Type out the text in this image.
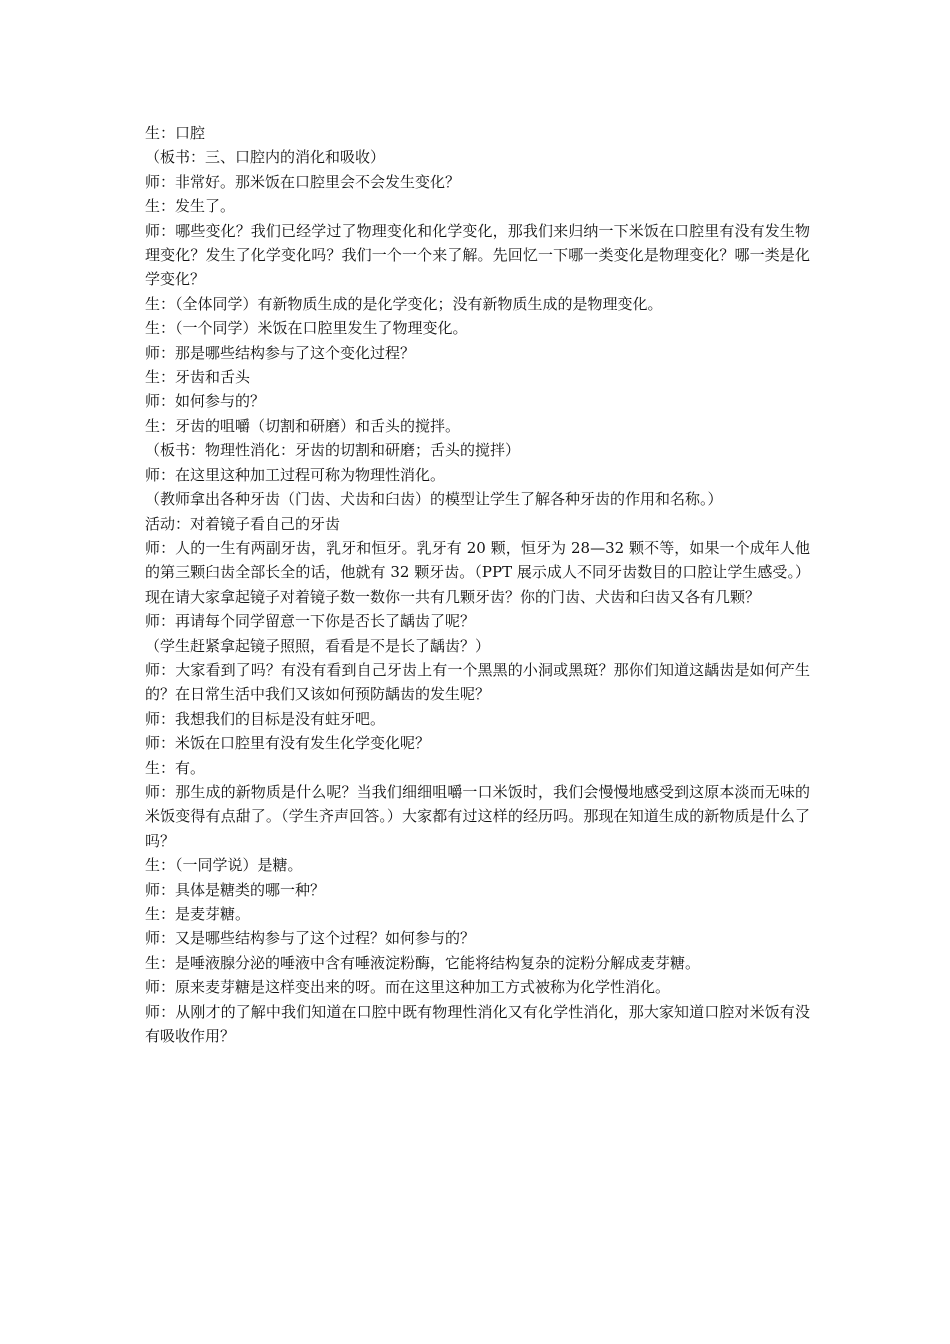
生：口腔

（板书：三、口腔内的消化和吸收）

师：非常好。那米饭在口腔里会不会发生变化？

生：发生了。

师：哪些变化？我们已经学过了物理变化和化学变化，那我们来归纳一下米饭在口腔里有没有发生物理变化？发生了化学变化吗？我们一个一个来了解。先回忆一下哪一类变化是物理变化？哪一类是化学变化？

生：（全体同学）有新物质生成的是化学变化；没有新物质生成的是物理变化。

生：（一个同学）米饭在口腔里发生了物理变化。

师：那是哪些结构参与了这个变化过程？

生：牙齿和舌头

师：如何参与的？

生：牙齿的咀嚼（切割和研磨）和舌头的搅拌。

（板书：物理性消化：牙齿的切割和研磨；舌头的搅拌）

师：在这里这种加工过程可称为物理性消化。

（教师拿出各种牙齿（门齿、犬齿和臼齿）的模型让学生了解各种牙齿的作用和名称。）

活动：对着镜子看自己的牙齿

师：人的一生有两副牙齿，乳牙和恒牙。乳牙有 20 颗，恒牙为 28—32 颗不等，如果一个成年人他的第三颗臼齿全部长全的话，他就有 32 颗牙齿。（PPT 展示成人不同牙齿数目的口腔让学生感受。）现在请大家拿起镜子对着镜子数一数你一共有几颗牙齿？你的门齿、犬齿和臼齿又各有几颗？

师：再请每个同学留意一下你是否长了龋齿了呢？

（学生赶紧拿起镜子照照，看看是不是长了龋齿？）

师：大家看到了吗？有没有看到自己牙齿上有一个黑黑的小洞或黑斑？那你们知道这龋齿是如何产生的？在日常生活中我们又该如何预防龋齿的发生呢？

师：我想我们的目标是没有蛀牙吧。

师：米饭在口腔里有没有发生化学变化呢？

生：有。

师：那生成的新物质是什么呢？当我们细细咀嚼一口米饭时，我们会慢慢地感受到这原本淡而无味的米饭变得有点甜了。（学生齐声回答。）大家都有过这样的经历吗。那现在知道生成的新物质是什么了吗？

生：（一同学说）是糖。

师：具体是糖类的哪一种？

生：是麦芽糖。

师：又是哪些结构参与了这个过程？如何参与的？

生：是唾液腺分泌的唾液中含有唾液淀粉酶，它能将结构复杂的淀粉分解成麦芽糖。

师：原来麦芽糖是这样变出来的呀。而在这里这种加工方式被称为化学性消化。

师：从刚才的了解中我们知道在口腔中既有物理性消化又有化学性消化，那大家知道口腔对米饭有没有吸收作用？
